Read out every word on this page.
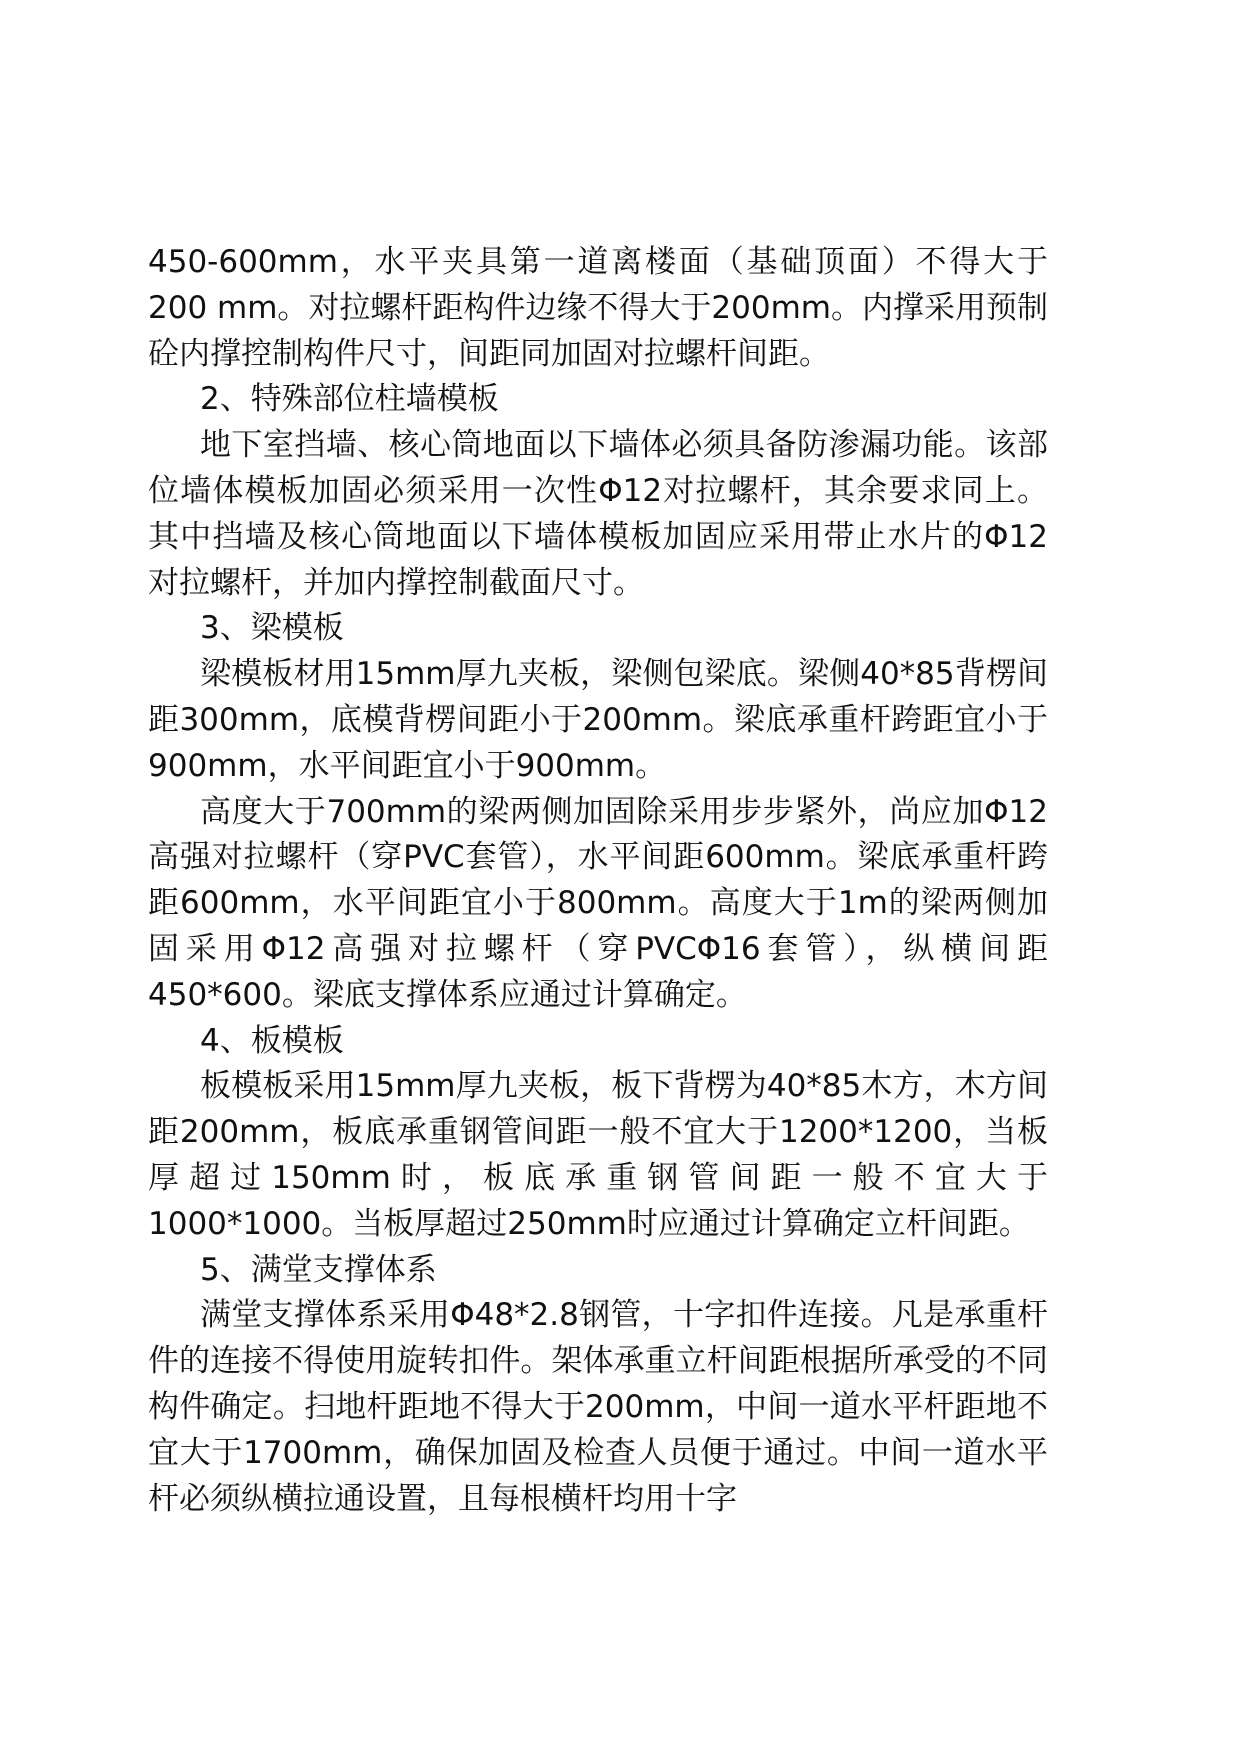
450-600mm，水平夹具第一道离楼面（基础顶面）不得大于200 mm。对拉螺杆距构件边缘不得大于200mm。内撑采用预制砼内撑控制构件尺寸，间距同加固对拉螺杆间距。

2、特殊部位柱墙模板

地下室挡墙、核心筒地面以下墙体必须具备防渗漏功能。该部位墙体模板加固必须采用一次性Φ12对拉螺杆，其余要求同上。其中挡墙及核心筒地面以下墙体模板加固应采用带止水片的Φ12对拉螺杆，并加内撑控制截面尺寸。

3、梁模板

梁模板材用15mm厚九夹板，梁侧包梁底。梁侧40*85背楞间距300mm，底模背楞间距小于200mm。梁底承重杆跨距宜小于900mm，水平间距宜小于900mm。

高度大于700mm的梁两侧加固除采用步步紧外，尚应加Φ12高强对拉螺杆（穿PVC套管），水平间距600mm。梁底承重杆跨距600mm，水平间距宜小于800mm。高度大于1m的梁两侧加固采用Φ12高强对拉螺杆（穿PVCΦ16套管），纵横间距450*600。梁底支撑体系应通过计算确定。

4、板模板

板模板采用15mm厚九夹板，板下背楞为40*85木方，木方间距200mm，板底承重钢管间距一般不宜大于1200*1200，当板厚超过150mm时，板底承重钢管间距一般不宜大于1000*1000。当板厚超过250mm时应通过计算确定立杆间距。

5、满堂支撑体系

满堂支撑体系采用Φ48*2.8钢管，十字扣件连接。凡是承重杆件的连接不得使用旋转扣件。架体承重立杆间距根据所承受的不同构件确定。扫地杆距地不得大于200mm，中间一道水平杆距地不宜大于1700mm，确保加固及检查人员便于通过。中间一道水平杆必须纵横拉通设置，且每根横杆均用十字
